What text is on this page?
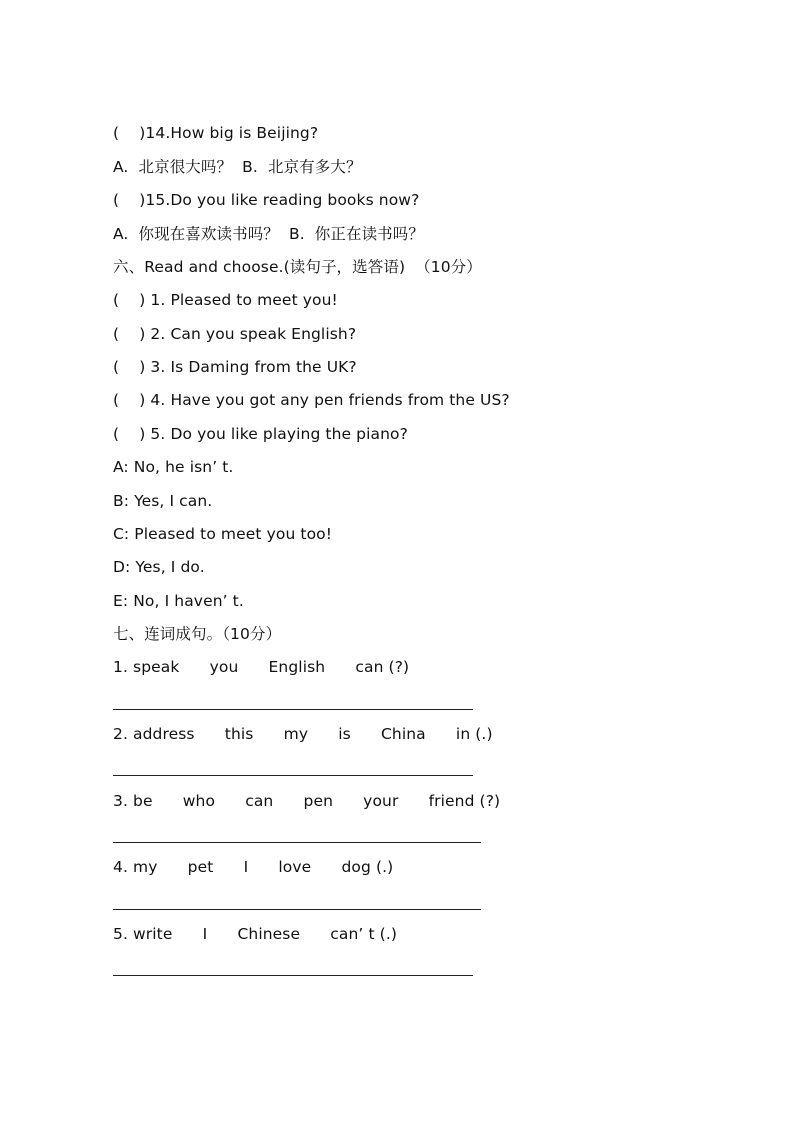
(    )14.How big is Beijing?
A.  北京很大吗？  B.  北京有多大？
(    )15.Do you like reading books now?
A.  你现在喜欢读书吗？  B.  你正在读书吗？
六、Read and choose.(读句子，选答语)  （10分）
(    ) 1. Pleased to meet you!
(    ) 2. Can you speak English?
(    ) 3. Is Daming from the UK?
(    ) 4. Have you got any pen friends from the US?
(    ) 5. Do you like playing the piano?
A: No, he isn’ t.
B: Yes, I can.
C: Pleased to meet you too!
D: Yes, I do.
E: No, I haven’ t.
七、连词成句。（10分）
1. speak      you      English      can (?)
2. address      this      my      is      China      in (.)
3. be      who      can      pen      your      friend (?)
4. my      pet      I      love      dog (.)
5. write      I      Chinese      can’ t (.)
